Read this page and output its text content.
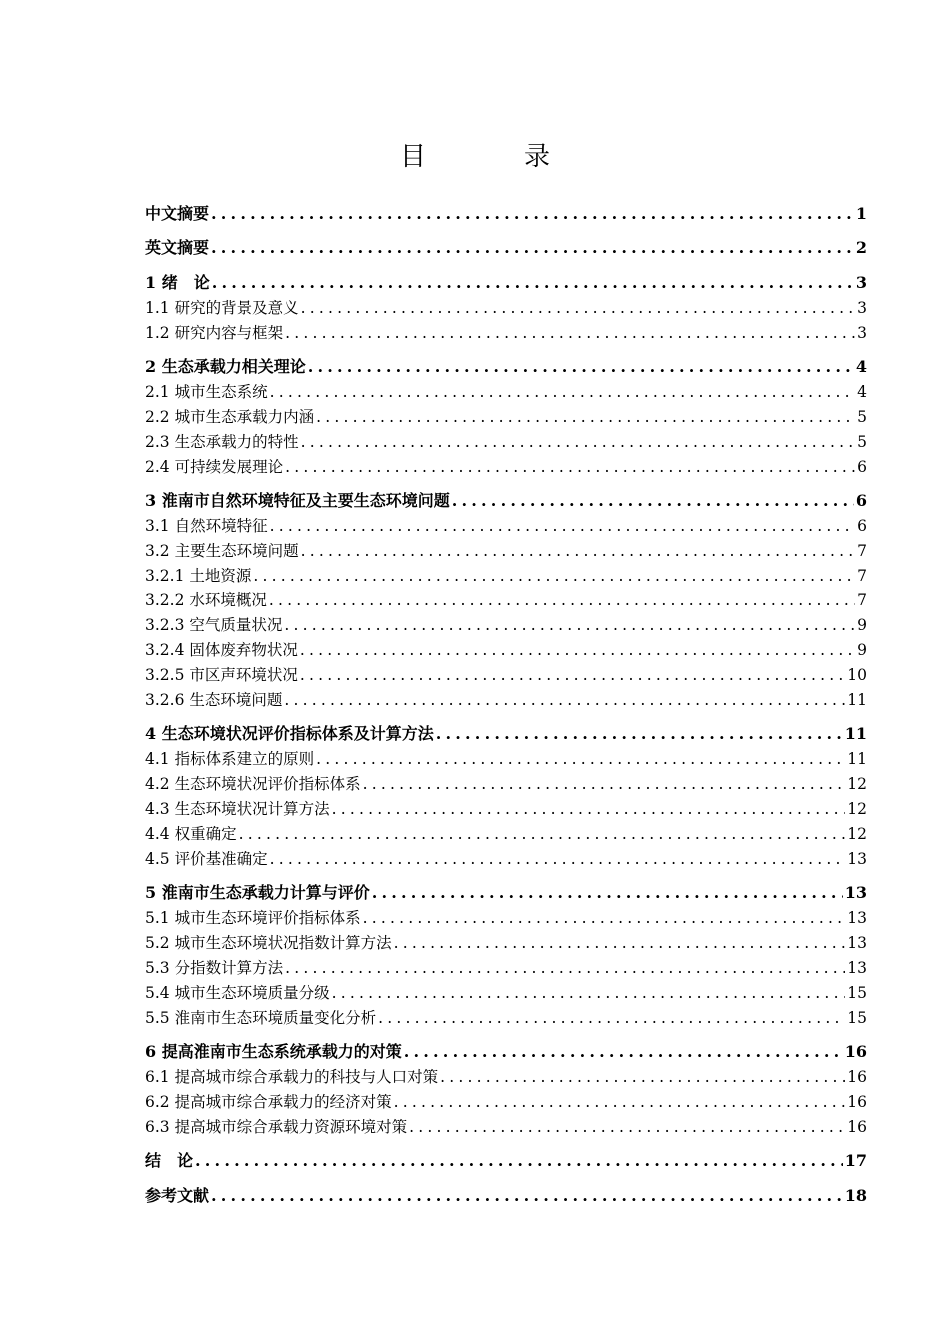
目　录
中文摘要 .....	1
英文摘要 .....	2
1 绪　论 .....	3
1.1 研究的背景及意义 .....	3
1.2 研究内容与框架 .....	3
2 生态承载力相关理论 .....	4
2.1 城市生态系统 .....	4
2.2 城市生态承载力内涵 .....	5
2.3 生态承载力的特性 .....	5
2.4 可持续发展理论 .....	6
3 淮南市自然环境特征及主要生态环境问题 .....	6
3.1 自然环境特征 .....	6
3.2 主要生态环境问题 .....	7
3.2.1 土地资源 .....	7
3.2.2 水环境概况 .....	7
3.2.3 空气质量状况 .....	9
3.2.4 固体废弃物状况 .....	9
3.2.5 市区声环境状况 .....	10
3.2.6 生态环境问题 .....	11
4 生态环境状况评价指标体系及计算方法 .....	11
4.1 指标体系建立的原则 .....	11
4.2 生态环境状况评价指标体系 .....	12
4.3 生态环境状况计算方法 .....	12
4.4 权重确定 .....	12
4.5 评价基准确定 .....	13
5 淮南市生态承载力计算与评价 .....	13
5.1 城市生态环境评价指标体系 .....	13
5.2 城市生态环境状况指数计算方法 .....	13
5.3 分指数计算方法 .....	13
5.4 城市生态环境质量分级 .....	15
5.5 淮南市生态环境质量变化分析 .....	15
6 提高淮南市生态系统承载力的对策 .....	16
6.1 提高城市综合承载力的科技与人口对策 .....	16
6.2 提高城市综合承载力的经济对策 .....	16
6.3 提高城市综合承载力资源环境对策 .....	16
结　论 .....	17
参考文献 .....	18
